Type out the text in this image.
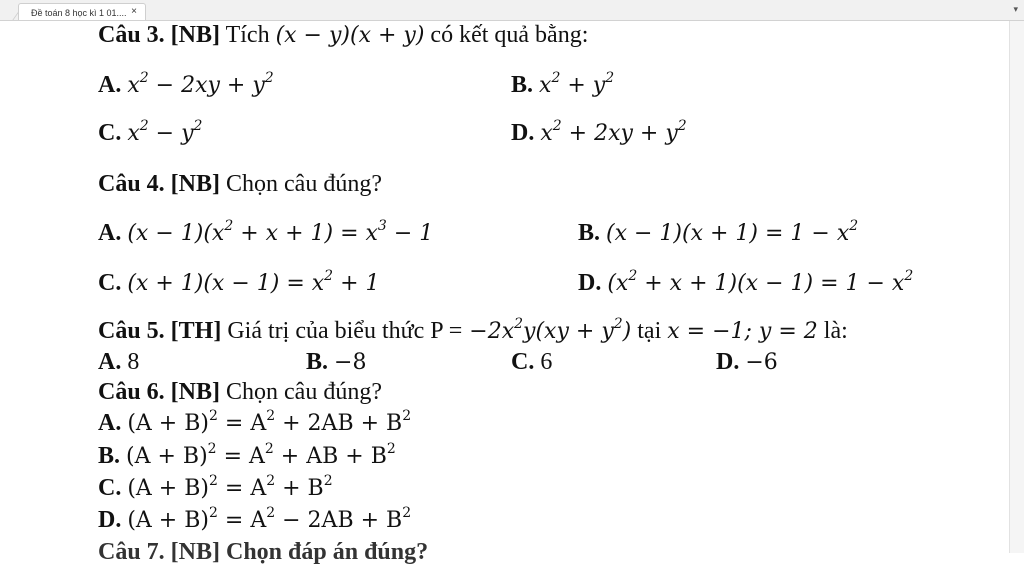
Đề toán 8 học kì 1 01.... ×	▾
Câu 3. [NB] Tích (x − y)(x + y) có kết quả bằng:
A. $x^2 - 2xy + y^2$	B. $x^2 + y^2$
C. $x^2 - y^2$	D. $x^2 + 2xy + y^2$
Câu 4. [NB] Chọn câu đúng?
A. $(x - 1)(x^2 + x + 1) = x^3 - 1$	B. $(x - 1)(x + 1) = 1 - x^2$
C. $(x + 1)(x - 1) = x^2 + 1$	D. $(x^2 + x + 1)(x - 1) = 1 - x^2$
Câu 5. [TH] Giá trị của biểu thức $P = -2x^2y(xy + y^2)$ tại x = −1; y = 2 là:
A. 8	B. −8	C. 6	D. −6
Câu 6. [NB] Chọn câu đúng?
A. $(A + B)^2 = A^2 + 2AB + B^2$
B. $(A + B)^2 = A^2$ + AB + $B^2$
C. $(A + B)^2 = A^2 + B^2$
D. $(A + B)^2 = A^2 - 2AB + B^2$
Câu 7. [NB] Chọn đáp án đúng?
